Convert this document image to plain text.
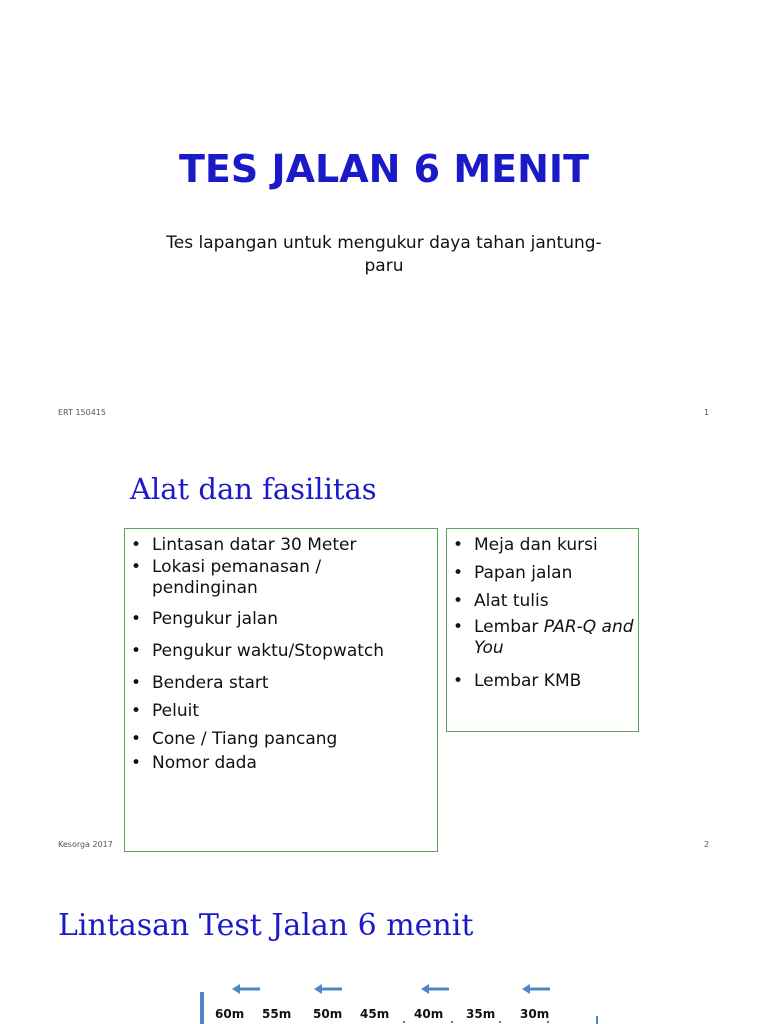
TES JALAN 6 MENIT
Tes lapangan untuk mengukur daya tahan jantung-paru
ERT 150415	1
Alat dan fasilitas
• Lintasan datar 30 Meter
• Lokasi pemanasan / pendinginan
• Pengukur jalan
• Pengukur waktu/Stopwatch
• Bendera start
• Peluit
• Cone / Tiang pancang
• Nomor dada
• Meja dan kursi
• Papan jalan
• Alat tulis
• Lembar PAR-Q and You
• Lembar KMB
Kesorga 2017	2
Lintasan Test Jalan 6 menit
60m 55m 50m 45m 40m 35m 30m
